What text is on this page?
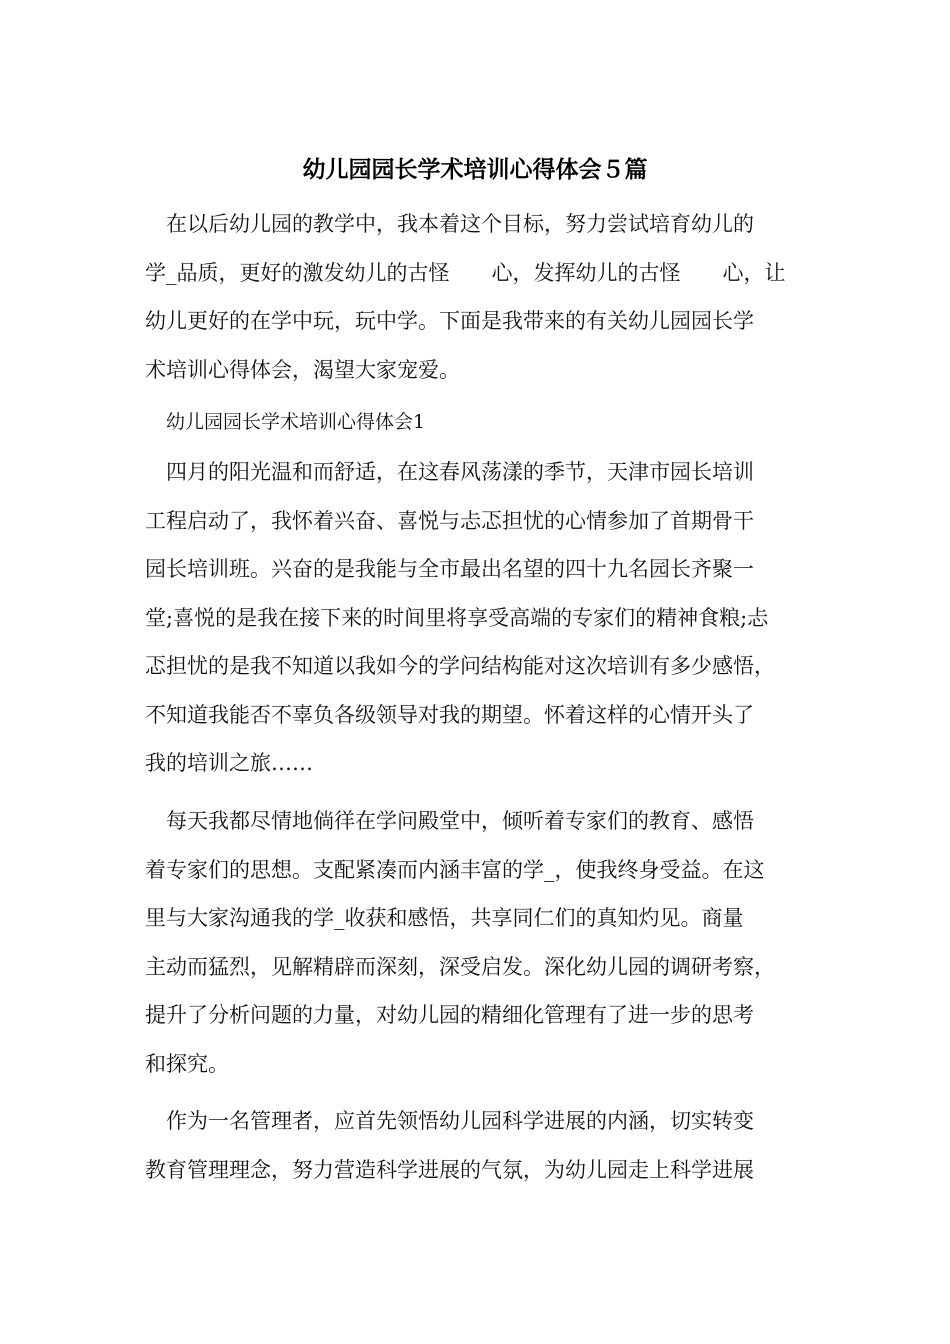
幼儿园园长学术培训心得体会５篇

在以后幼儿园的教学中，我本着这个目标，努力尝试培育幼儿的
学_品质，更好的激发幼儿的古怪　　心，发挥幼儿的古怪　　心，让
幼儿更好的在学中玩，玩中学。下面是我带来的有关幼儿园园长学
术培训心得体会，渴望大家宠爱。

幼儿园园长学术培训心得体会1

四月的阳光温和而舒适，在这春风荡漾的季节，天津市园长培训
工程启动了，我怀着兴奋、喜悦与忐忑担忧的心情参加了首期骨干
园长培训班。兴奋的是我能与全市最出名望的四十九名园长齐聚一
堂;喜悦的是我在接下来的时间里将享受高端的专家们的精神食粮;忐
忑担忧的是我不知道以我如今的学问结构能对这次培训有多少感悟，
不知道我能否不辜负各级领导对我的期望。怀着这样的心情开头了
我的培训之旅……

每天我都尽情地倘徉在学问殿堂中，倾听着专家们的教育、感悟
着专家们的思想。支配紧凑而内涵丰富的学_，使我终身受益。在这
里与大家沟通我的学_收获和感悟，共享同仁们的真知灼见。商量
主动而猛烈，见解精辟而深刻，深受启发。深化幼儿园的调研考察，
提升了分析问题的力量，对幼儿园的精细化管理有了进一步的思考
和探究。

作为一名管理者，应首先领悟幼儿园科学进展的内涵，切实转变
教育管理理念，努力营造科学进展的气氛，为幼儿园走上科学进展
